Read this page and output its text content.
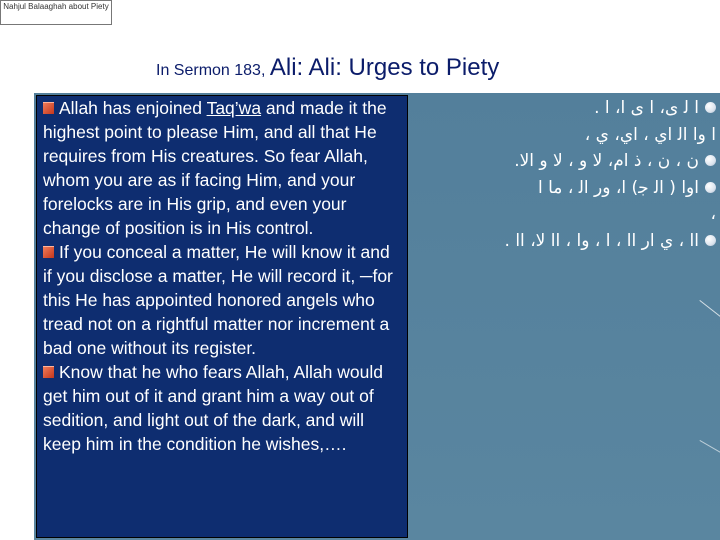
Nahjul Balaaghah about Piety
In Sermon 183, Ali: Ali: Urges to Piety

Allah has enjoined Taq’wa and made it the highest point to please Him, and all that He requires from His creatures. So fear Allah, whom you are as if facing Him, and your forelocks are in His grip, and even your change of position is in His control.

If you conceal a matter, He will know it and if you disclose a matter, He will record it, ─for this He has appointed honored angels who tread not on a rightful matter nor increment a bad one without its register.

Know that he who fears Allah, Allah would get him out of it and grant him a way out of sedition, and light out of the dark, and will keep him in the condition he wishes,….

ا ﻟ ﻯ، ا ﻯ ا، ا .
ا وا اﻟ ﺍﻱ ، ﺍﻱ، ﻱ ،
ﻥ ، ﻥ ، ﺫ ﺍﻡ، ﻻ ﻭ ، ﻻ ﻭ ﺍﻻ.
ﺍﻭﺍ ( ﺍﻟ ﺟ) ﺍ، ﻭﺭ ﺍﻟ ، ﻣﺎ ﺍ
،
ﺍﺍ ، ﻱ ﺍﺭ ﺍﺍ ، ﺍ ، ﻭﺍ ، ﺍﺍ ﻻ، ﺍﺍ .
